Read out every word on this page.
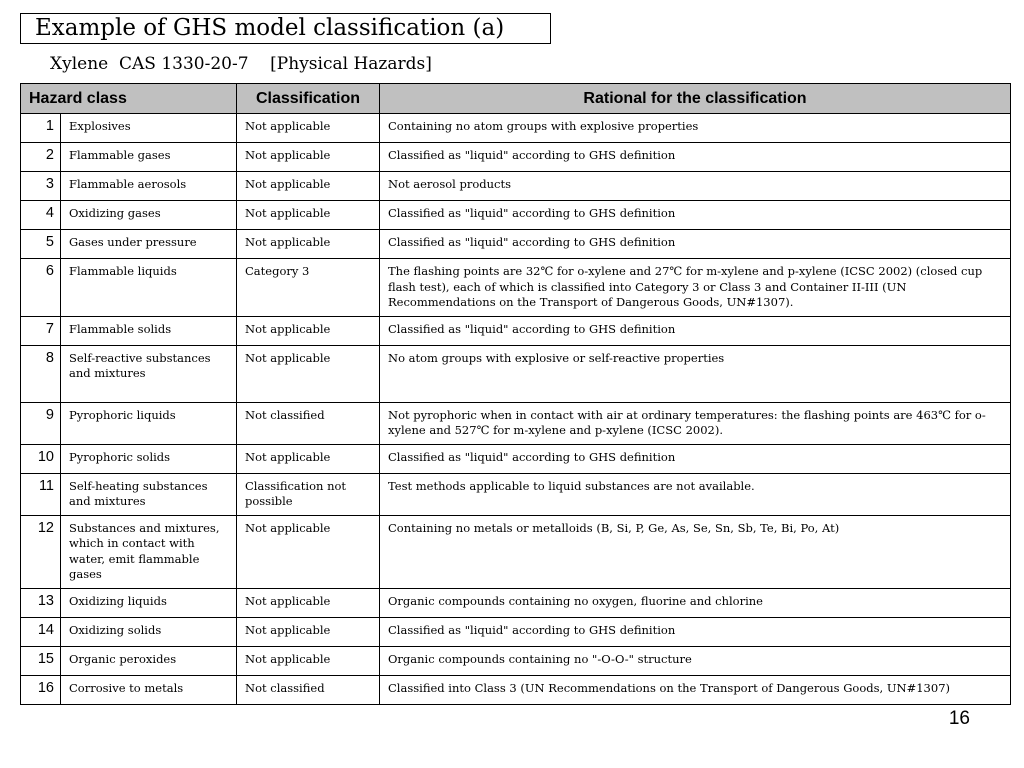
Example of GHS model classification (a)
Xylene  CAS 1330-20-7    [Physical Hazards]
Hazard class		Classification	Rational for the classification
1	Explosives	Not applicable	Containing no atom groups with explosive properties
2	Flammable gases	Not applicable	Classified as "liquid" according to GHS definition
3	Flammable aerosols	Not applicable	Not aerosol products
4	Oxidizing gases	Not applicable	Classified as "liquid" according to GHS definition
5	Gases under pressure	Not applicable	Classified as "liquid" according to GHS definition
6	Flammable liquids	Category 3	The flashing points are 32℃ for o-xylene and 27℃ for m-xylene and p-xylene (ICSC 2002) (closed cup flash test), each of which is classified into Category 3 or Class 3 and Container II-III (UN Recommendations on the Transport of Dangerous Goods, UN#1307).
7	Flammable solids	Not applicable	Classified as "liquid" according to GHS definition
8	Self-reactive substances and mixtures	Not applicable	No atom groups with explosive or self-reactive properties
9	Pyrophoric liquids	Not classified	Not pyrophoric when in contact with air at ordinary temperatures: the flashing points are 463℃ for o-xylene and 527℃ for m-xylene and p-xylene (ICSC 2002).
10	Pyrophoric solids	Not applicable	Classified as "liquid" according to GHS definition
11	Self-heating substances and mixtures	Classification not possible	Test methods applicable to liquid substances are not available.
12	Substances and mixtures, which in contact with water, emit flammable gases	Not applicable	Containing no metals or metalloids (B, Si, P, Ge, As, Se, Sn, Sb, Te, Bi, Po, At)
13	Oxidizing liquids	Not applicable	Organic compounds containing no oxygen, fluorine and chlorine
14	Oxidizing solids	Not applicable	Classified as "liquid" according to GHS definition
15	Organic peroxides	Not applicable	Organic compounds containing no "-O-O-" structure
16	Corrosive to metals	Not classified	Classified into Class 3 (UN Recommendations on the Transport of Dangerous Goods, UN#1307)
16
